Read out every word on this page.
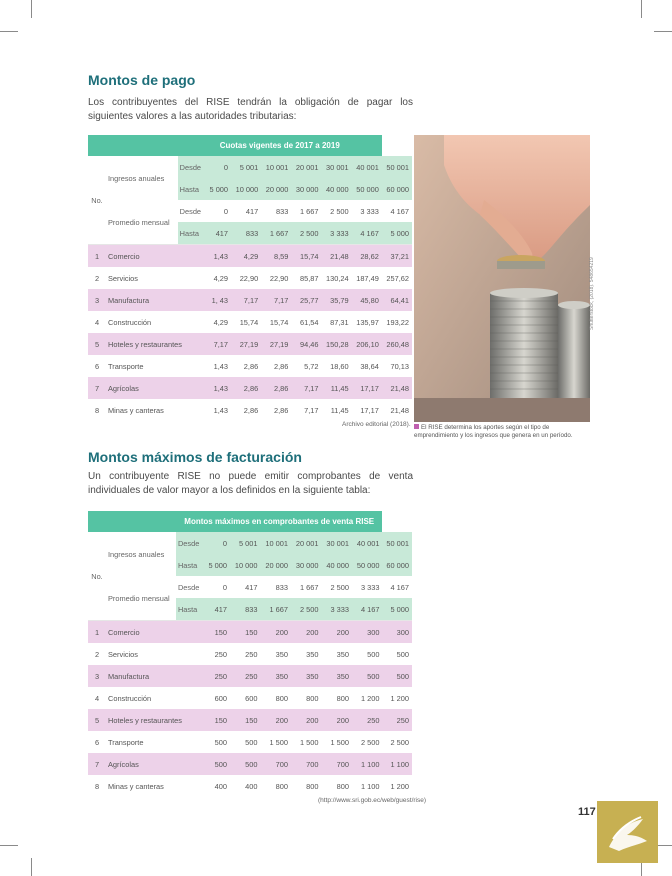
Montos de pago

Los contribuyentes del RISE tendrán la obligación de pagar los siguientes valores a las autoridades tributarias:

		Cuotas vigentes de 2017 a 2019							
No.	Ingresos anuales	Desde	0	5 001	10 001	20 001	30 001	40 001	50 001
		Hasta	5 000	10 000	20 000	30 000	40 000	50 000	60 000
	Promedio mensual	Desde	0	417	833	1 667	2 500	3 333	4 167
		Hasta	417	833	1 667	2 500	3 333	4 167	5 000
1	Comercio		1,43	4,29	8,59	15,74	21,48	28,62	37,21
2	Servicios		4,29	22,90	22,90	85,87	130,24	187,49	257,62
3	Manufactura		1, 43	7,17	7,17	25,77	35,79	45,80	64,41
4	Construcción		4,29	15,74	15,74	61,54	87,31	135,97	193,22
5	Hoteles y restaurantes		7,17	27,19	27,19	94,46	150,28	206,10	260,48
6	Transporte		1,43	2,86	2,86	5,72	18,60	38,64	70,13
7	Agrícolas		1,43	2,86	2,86	7,17	11,45	17,17	21,48
8	Minas y canteras		1,43	2,86	2,86	7,17	11,45	17,17	21,48

Archivo editorial (2018).

Shutterstock, (2018). 548654219

El RISE determina los aportes según el tipo de emprendimiento y los ingresos que genera en un período.

Montos máximos de facturación

Un contribuyente RISE no puede emitir comprobantes de venta individuales de valor mayor a los definidos en la siguiente tabla:

		Montos máximos en comprobantes de venta RISE							
No.	Ingresos anuales	Desde	0	5 001	10 001	20 001	30 001	40 001	50 001
		Hasta	5 000	10 000	20 000	30 000	40 000	50 000	60 000
	Promedio mensual	Desde	0	417	833	1 667	2 500	3 333	4 167
		Hasta	417	833	1 667	2 500	3 333	4 167	5 000
1	Comercio		150	150	200	200	200	300	300
2	Servicios		250	250	350	350	350	500	500
3	Manufactura		250	250	350	350	350	500	500
4	Construcción		600	600	800	800	800	1 200	1 200
5	Hoteles y restaurantes		150	150	200	200	200	250	250
6	Transporte		500	500	1 500	1 500	1 500	2 500	2 500
7	Agrícolas		500	500	700	700	700	1 100	1 100
8	Minas y canteras		400	400	800	800	800	1 100	1 200

(http://www.sri.gob.ec/web/guest/rise)

117
